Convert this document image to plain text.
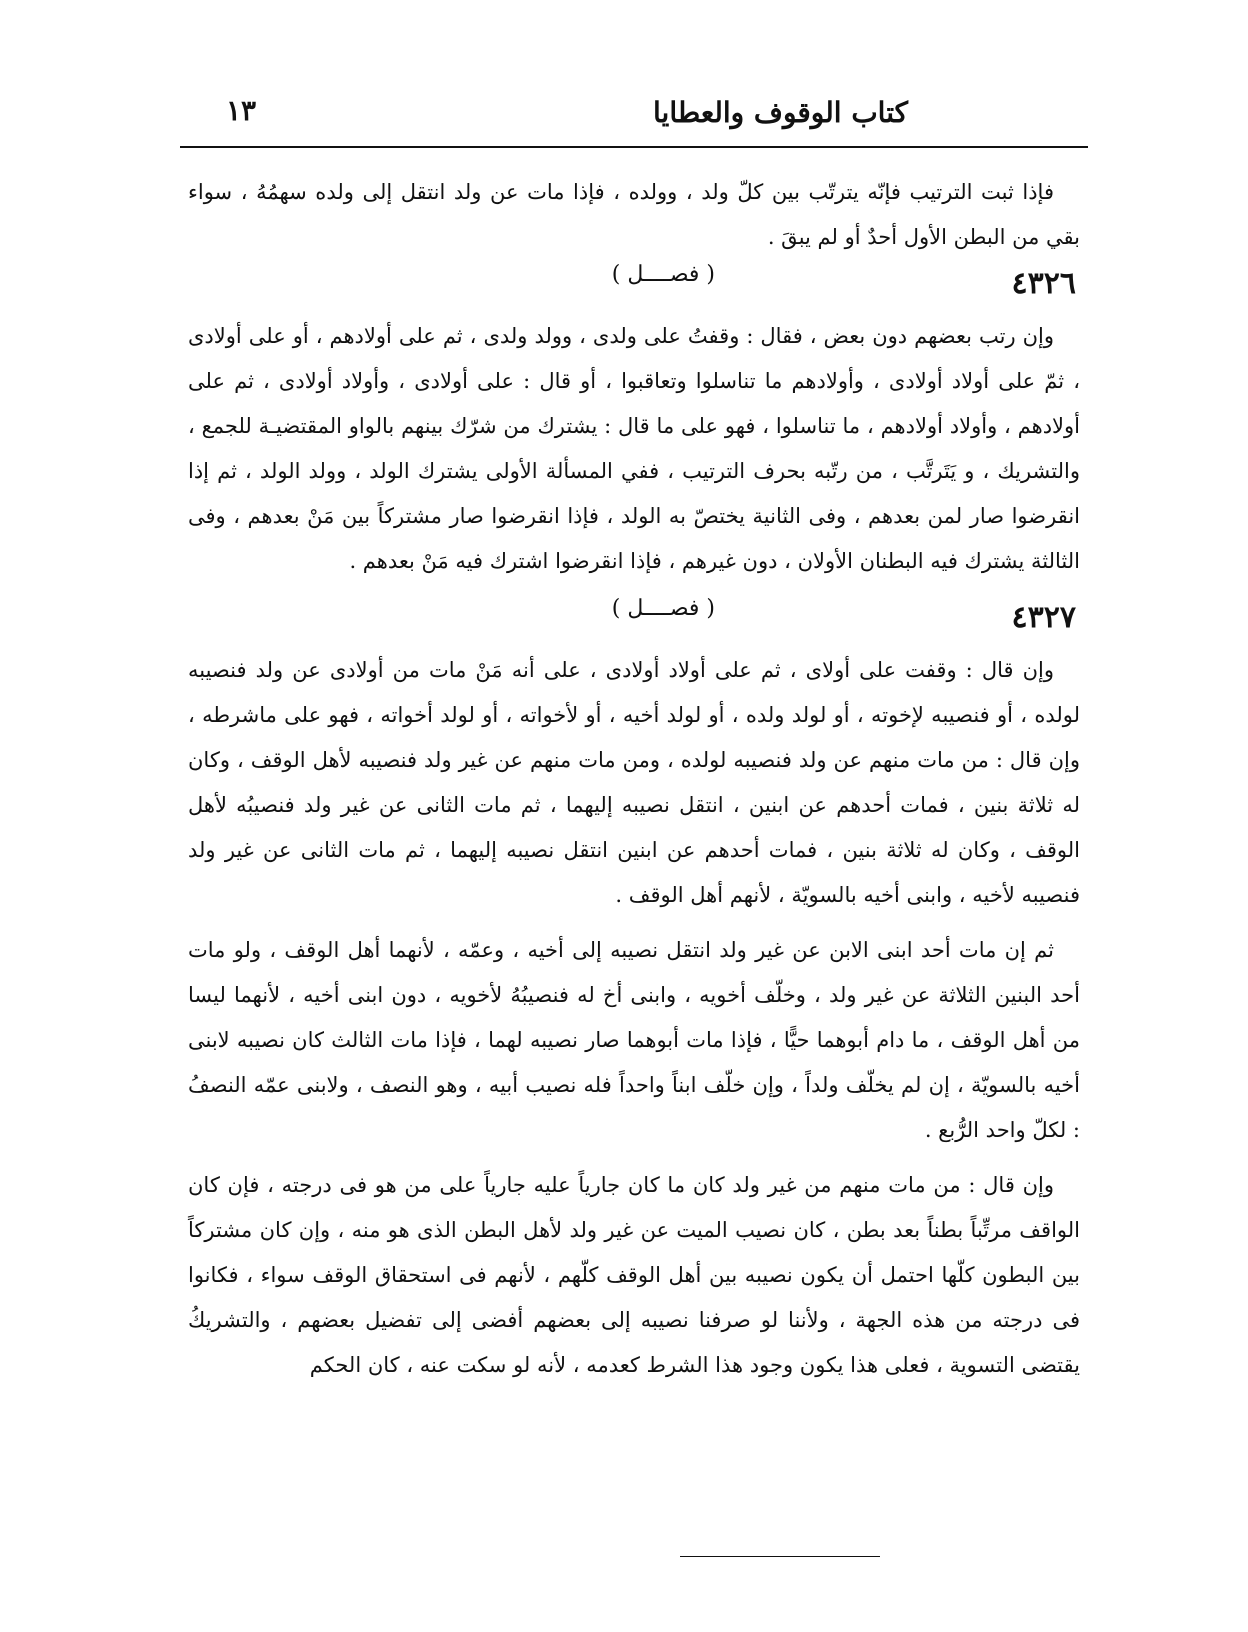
كتاب الوقوف والعطايا
١٣

فإذا ثبت الترتيب فإنّه يترتّب بين كلّ ولد ، وولده ، فإذا مات عن ولد انتقل إلى ولده سهمُهُ ، سواء بقي من البطن الأول أحدٌ أو لم يبقَ .

٤٣٢٦
( فصــــل )

وإن رتب بعضهم دون بعض ، فقال : وقفتُ على ولدى ، وولد ولدى ، ثم على أولادهم ، أو على أولادى ، ثمّ على أولاد أولادى ، وأولادهم ما تناسلوا وتعاقبوا ، أو قال : على أولادى ، وأولاد أولادى ، ثم على أولادهم ، وأولاد أولادهم ، ما تناسلوا ، فهو على ما قال : يشترك من شرّك بينهم بالواو المقتضيـة للجمع ، والتشريك ، و يَتَرتَّب ، من رتّبه بحرف الترتيب ، ففي المسألة الأولى يشترك الولد ، وولد الولد ، ثم إذا انقرضوا صار لمن بعدهم ، وفى الثانية يختصّ به الولد ، فإذا انقرضوا صار مشتركاً بين مَنْ بعدهم ، وفى الثالثة يشترك فيه البطنان الأولان ، دون غيرهم ، فإذا انقرضوا اشترك فيه مَنْ بعدهم .

٤٣٢٧
( فصــــل )

وإن قال : وقفت على أولاى ، ثم على أولاد أولادى ، على أنه مَنْ مات من أولادى عن ولد فنصيبه لولده ، أو فنصيبه لإخوته ، أو لولد ولده ، أو لولد أخيه ، أو لأخواته ، أو لولد أخواته ، فهو على ماشرطه ، وإن قال : من مات منهم عن ولد فنصيبه لولده ، ومن مات منهم عن غير ولد فنصيبه لأهل الوقف ، وكان له ثلاثة بنين ، فمات أحدهم عن ابنين ، انتقل نصيبه إليهما ، ثم مات الثانى عن غير ولد فنصيبُه لأهل الوقف ، وكان له ثلاثة بنين ، فمات أحدهم عن ابنين انتقل نصيبه إليهما ، ثم مات الثانى عن غير ولد فنصيبه لأخيه ، وابنى أخيه بالسويّة ، لأنهم أهل الوقف .

ثم إن مات أحد ابنى الابن عن غير ولد انتقل نصيبه إلى أخيه ، وعمّه ، لأنهما أهل الوقف ، ولو مات أحد البنين الثلاثة عن غير ولد ، وخلّف أخويه ، وابنى أخ له فنصيبُهُ لأخويه ، دون ابنى أخيه ، لأنهما ليسا من أهل الوقف ، ما دام أبوهما حيًّا ، فإذا مات أبوهما صار نصيبه لهما ، فإذا مات الثالث كان نصيبه لابنى أخيه بالسويّة ، إن لم يخلّف ولداً ، وإن خلّف ابناً واحداً فله نصيب أبيه ، وهو النصف ، ولابنى عمّه النصفُ : لكلّ واحد الرُّبع .

وإن قال : من مات منهم من غير ولد كان ما كان جارياً عليه جارياً على من هو فى درجته ، فإن كان الواقف مرتِّباً بطناً بعد بطن ، كان نصيب الميت عن غير ولد لأهل البطن الذى هو منه ، وإن كان مشتركاً بين البطون كلّها احتمل أن يكون نصيبه بين أهل الوقف كلّهم ، لأنهم فى استحقاق الوقف سواء ، فكانوا فى درجته من هذه الجهة ، ولأننا لو صرفنا نصيبه إلى بعضهم أفضى إلى تفضيل بعضهم ، والتشريكُ يقتضى التسوية ، فعلى هذا يكون وجود هذا الشرط كعدمه ، لأنه لو سكت عنه ، كان الحكم
